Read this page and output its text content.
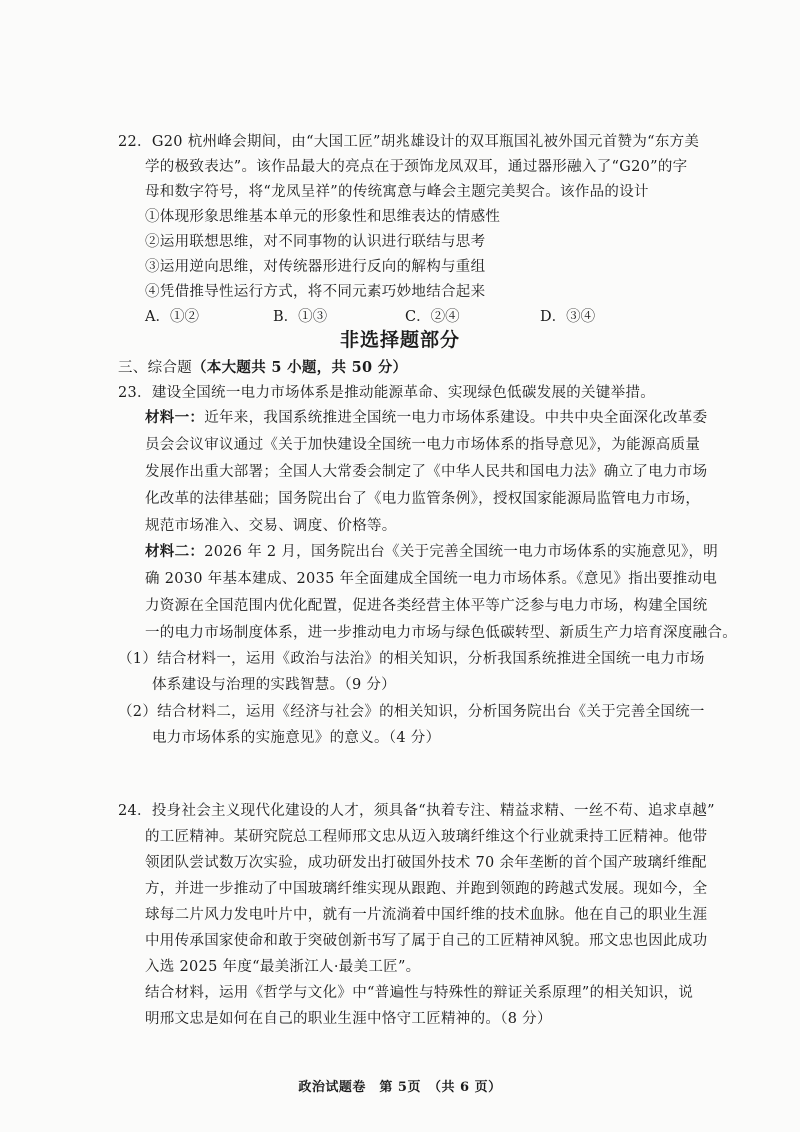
22．G20 杭州峰会期间，由“大国工匠”胡兆雄设计的双耳瓶国礼被外国元首赞为“东方美
学的极致表达”。该作品最大的亮点在于颈饰龙凤双耳，通过器形融入了“G20”的字
母和数字符号，将“龙凤呈祥”的传统寓意与峰会主题完美契合。该作品的设计
①体现形象思维基本单元的形象性和思维表达的情感性
②运用联想思维，对不同事物的认识进行联结与思考
③运用逆向思维，对传统器形进行反向的解构与重组
④凭借推导性运行方式，将不同元素巧妙地结合起来
A．①②	B．①③	C．②④	D．③④
非选择题部分
三、综合题（本大题共 5 小题，共 50 分）
23．建设全国统一电力市场体系是推动能源革命、实现绿色低碳发展的关键举措。
材料一：近年来，我国系统推进全国统一电力市场体系建设。中共中央全面深化改革委
员会会议审议通过《关于加快建设全国统一电力市场体系的指导意见》，为能源高质量
发展作出重大部署；全国人大常委会制定了《中华人民共和国电力法》确立了电力市场
化改革的法律基础；国务院出台了《电力监管条例》，授权国家能源局监管电力市场，
规范市场准入、交易、调度、价格等。
材料二：2026 年 2 月，国务院出台《关于完善全国统一电力市场体系的实施意见》，明
确 2030 年基本建成、2035 年全面建成全国统一电力市场体系。《意见》指出要推动电
力资源在全国范围内优化配置，促进各类经营主体平等广泛参与电力市场，构建全国统
一的电力市场制度体系，进一步推动电力市场与绿色低碳转型、新质生产力培育深度融合。
（1）结合材料一，运用《政治与法治》的相关知识，分析我国系统推进全国统一电力市场
体系建设与治理的实践智慧。（9 分）
（2）结合材料二，运用《经济与社会》的相关知识，分析国务院出台《关于完善全国统一
电力市场体系的实施意见》的意义。（4 分）
24．投身社会主义现代化建设的人才，须具备“执着专注、精益求精、一丝不苟、追求卓越”
的工匠精神。某研究院总工程师邢文忠从迈入玻璃纤维这个行业就秉持工匠精神。他带
领团队尝试数万次实验，成功研发出打破国外技术 70 余年垄断的首个国产玻璃纤维配
方，并进一步推动了中国玻璃纤维实现从跟跑、并跑到领跑的跨越式发展。现如今，全
球每二片风力发电叶片中，就有一片流淌着中国纤维的技术血脉。他在自己的职业生涯
中用传承国家使命和敢于突破创新书写了属于自己的工匠精神风貌。邢文忠也因此成功
入选 2025 年度“最美浙江人·最美工匠”。
结合材料，运用《哲学与文化》中“普遍性与特殊性的辩证关系原理”的相关知识，说
明邢文忠是如何在自己的职业生涯中恪守工匠精神的。（8 分）
政治试题卷　第 5页　（共 6 页）
